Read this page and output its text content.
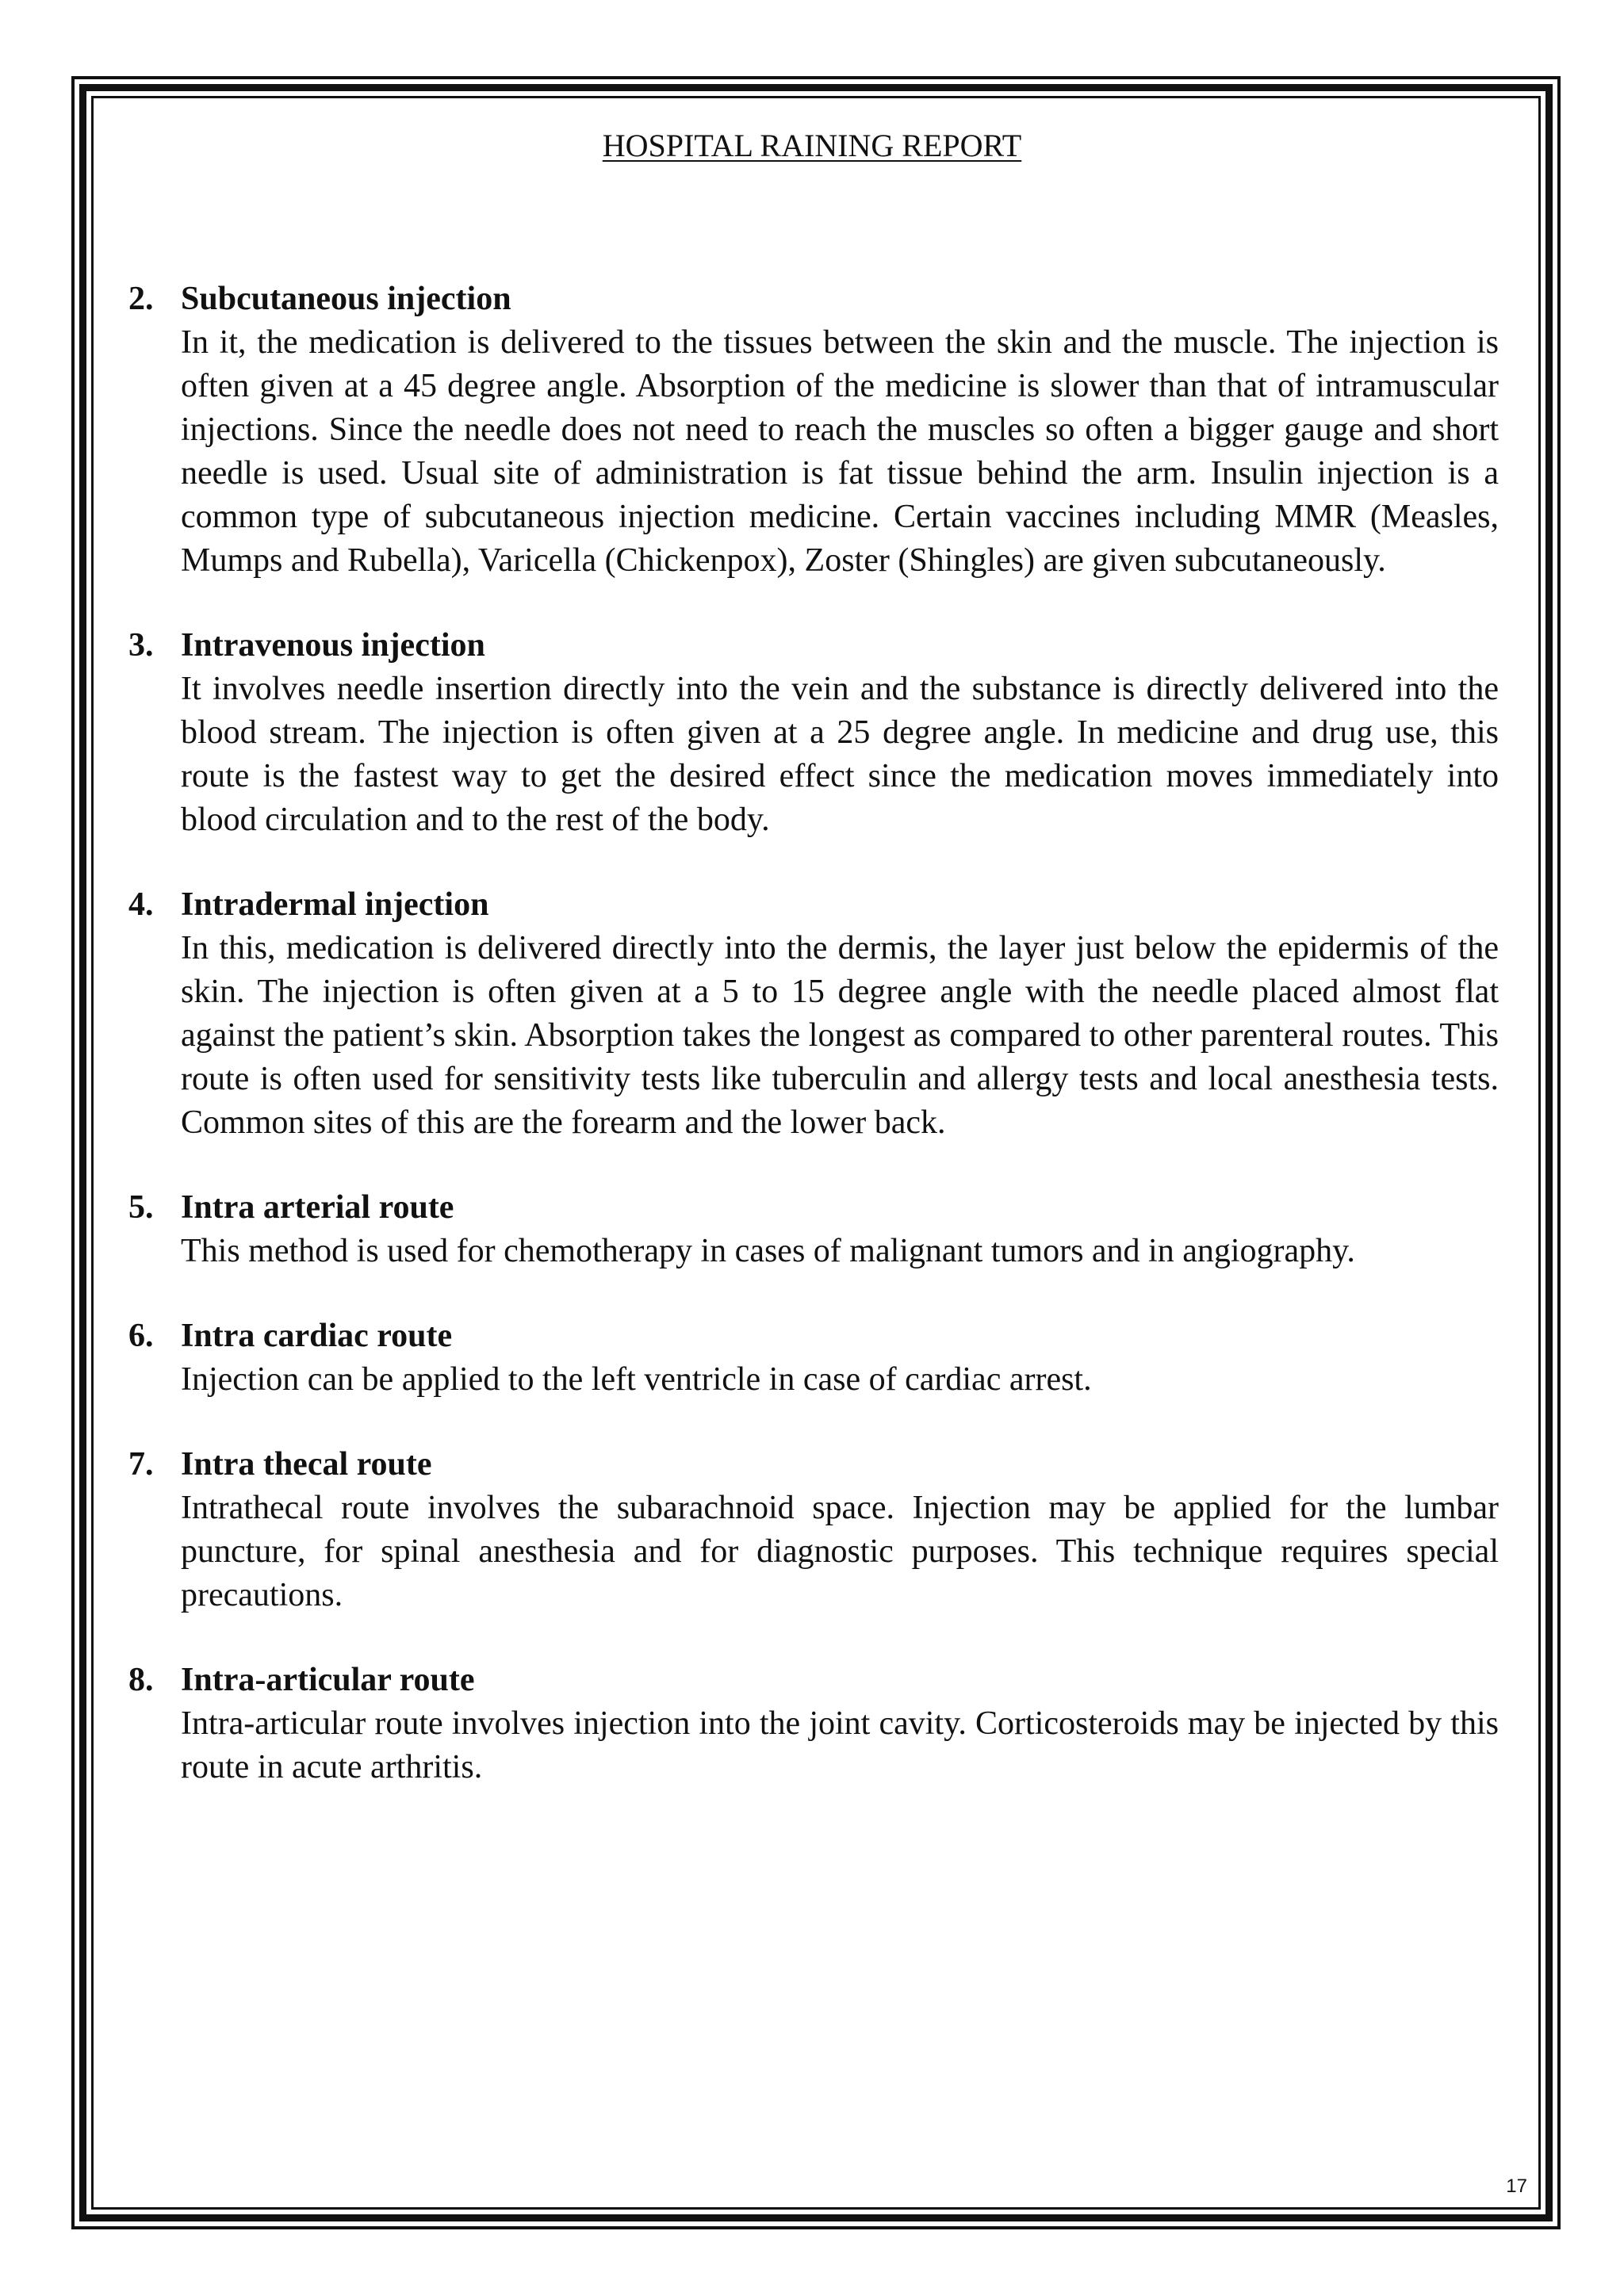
HOSPITAL RAINING REPORT
2. Subcutaneous injection
In it, the medication is delivered to the tissues between the skin and the muscle. The injection is often given at a 45 degree angle. Absorption of the medicine is slower than that of intramuscular injections. Since the needle does not need to reach the muscles so often a bigger gauge and short needle is used. Usual site of administration is fat tissue behind the arm. Insulin injection is a common type of subcutaneous injection medicine. Certain vaccines including MMR (Measles, Mumps and Rubella), Varicella (Chickenpox), Zoster (Shingles) are given subcutaneously.
3. Intravenous injection
It involves needle insertion directly into the vein and the substance is directly delivered into the blood stream. The injection is often given at a 25 degree angle. In medicine and drug use, this route is the fastest way to get the desired effect since the medication moves immediately into blood circulation and to the rest of the body.
4. Intradermal injection
In this, medication is delivered directly into the dermis, the layer just below the epidermis of the skin. The injection is often given at a 5 to 15 degree angle with the needle placed almost flat against the patient’s skin. Absorption takes the longest as compared to other parenteral routes. This route is often used for sensitivity tests like tuberculin and allergy tests and local anesthesia tests. Common sites of this are the forearm and the lower back.
5. Intra arterial route
This method is used for chemotherapy in cases of malignant tumors and in angiography.
6. Intra cardiac route
Injection can be applied to the left ventricle in case of cardiac arrest.
7. Intra thecal route
Intrathecal route involves the subarachnoid space. Injection may be applied for the lumbar puncture, for spinal anesthesia and for diagnostic purposes. This technique requires special precautions.
8. Intra-articular route
Intra-articular route involves injection into the joint cavity. Corticosteroids may be injected by this route in acute arthritis.
17
